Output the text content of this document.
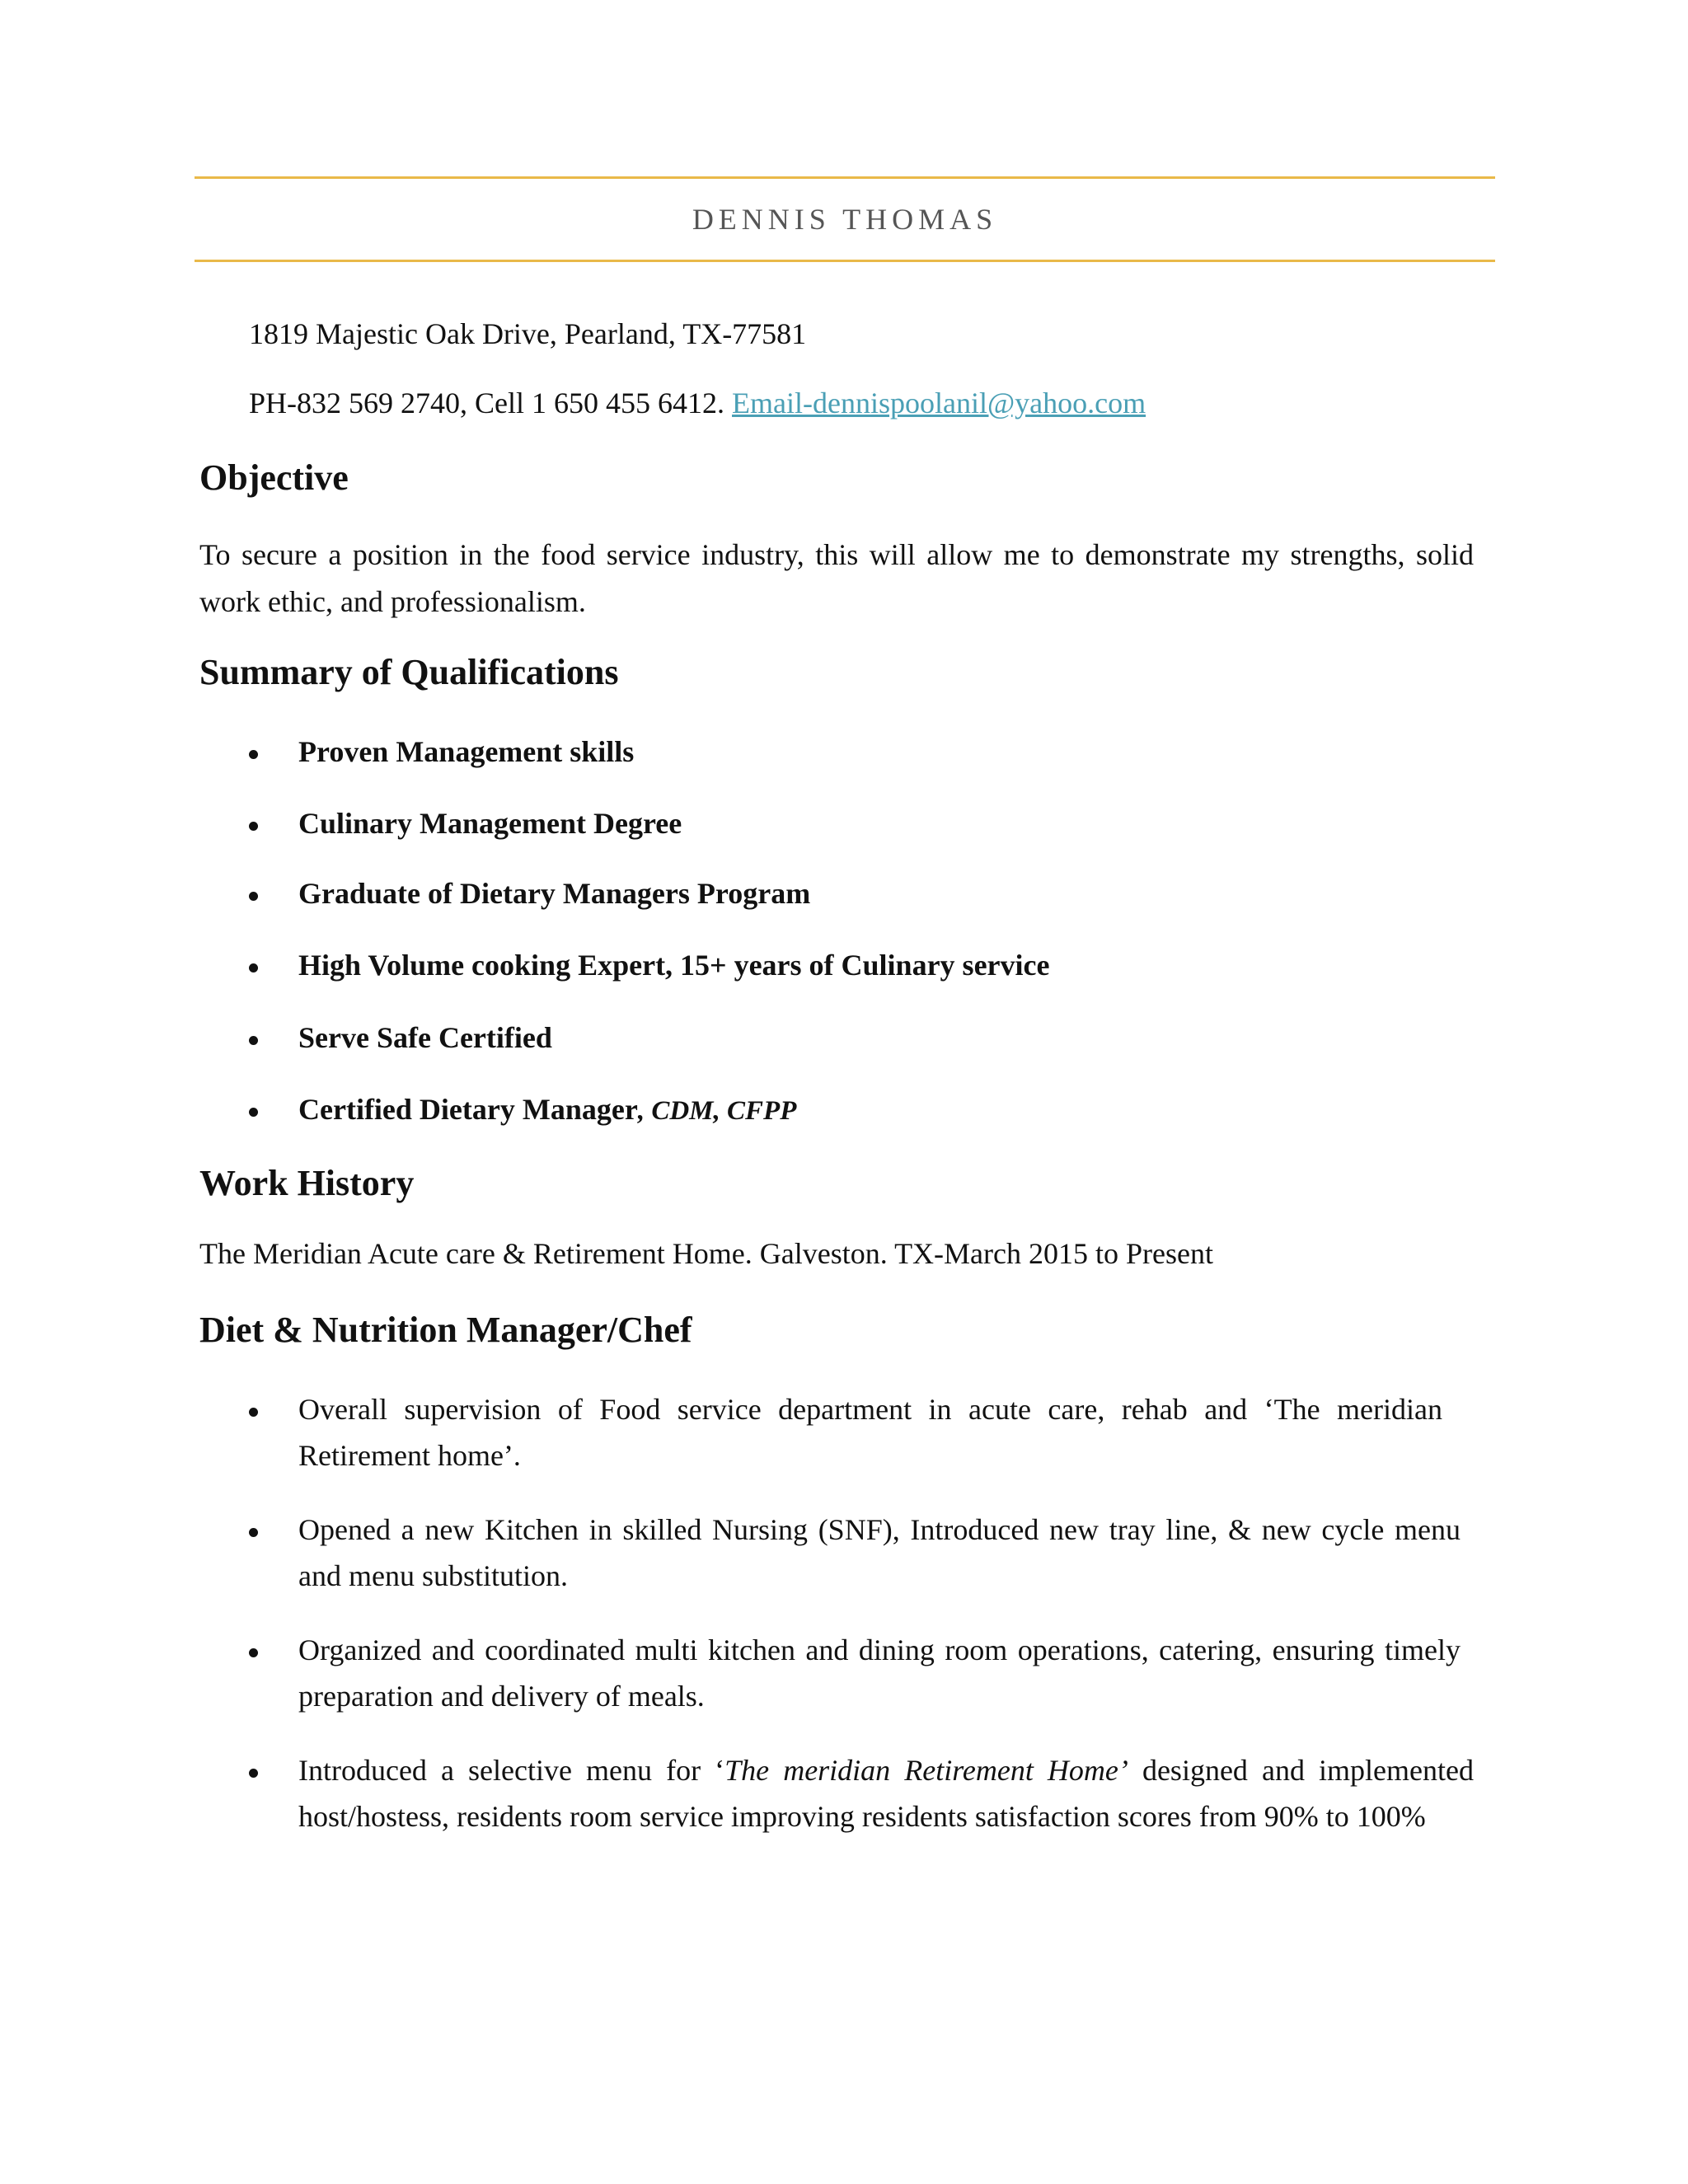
DENNIS THOMAS
1819 Majestic Oak Drive, Pearland, TX-77581
PH-832 569 2740, Cell 1 650 455 6412. Email-dennispoolanil@yahoo.com
Objective
To secure a position in the food service industry, this will allow me to demonstrate my strengths, solid work ethic, and professionalism.
Summary of Qualifications
Proven Management skills
Culinary Management Degree
Graduate of Dietary Managers Program
High Volume cooking Expert, 15+ years of Culinary service
Serve Safe Certified
Certified Dietary Manager, CDM, CFPP
Work History
The Meridian Acute care & Retirement Home. Galveston. TX-March 2015 to Present
Diet & Nutrition Manager/Chef
Overall supervision of Food service department in acute care, rehab and ‘The meridian Retirement home’.
Opened a new Kitchen in skilled Nursing (SNF), Introduced new tray line, & new cycle menu and menu substitution.
Organized and coordinated multi kitchen and dining room operations, catering, ensuring timely preparation and delivery of meals.
Introduced a selective menu for ‘The meridian Retirement Home’ designed and implemented host/hostess, residents room service improving residents satisfaction scores from 90% to 100%
